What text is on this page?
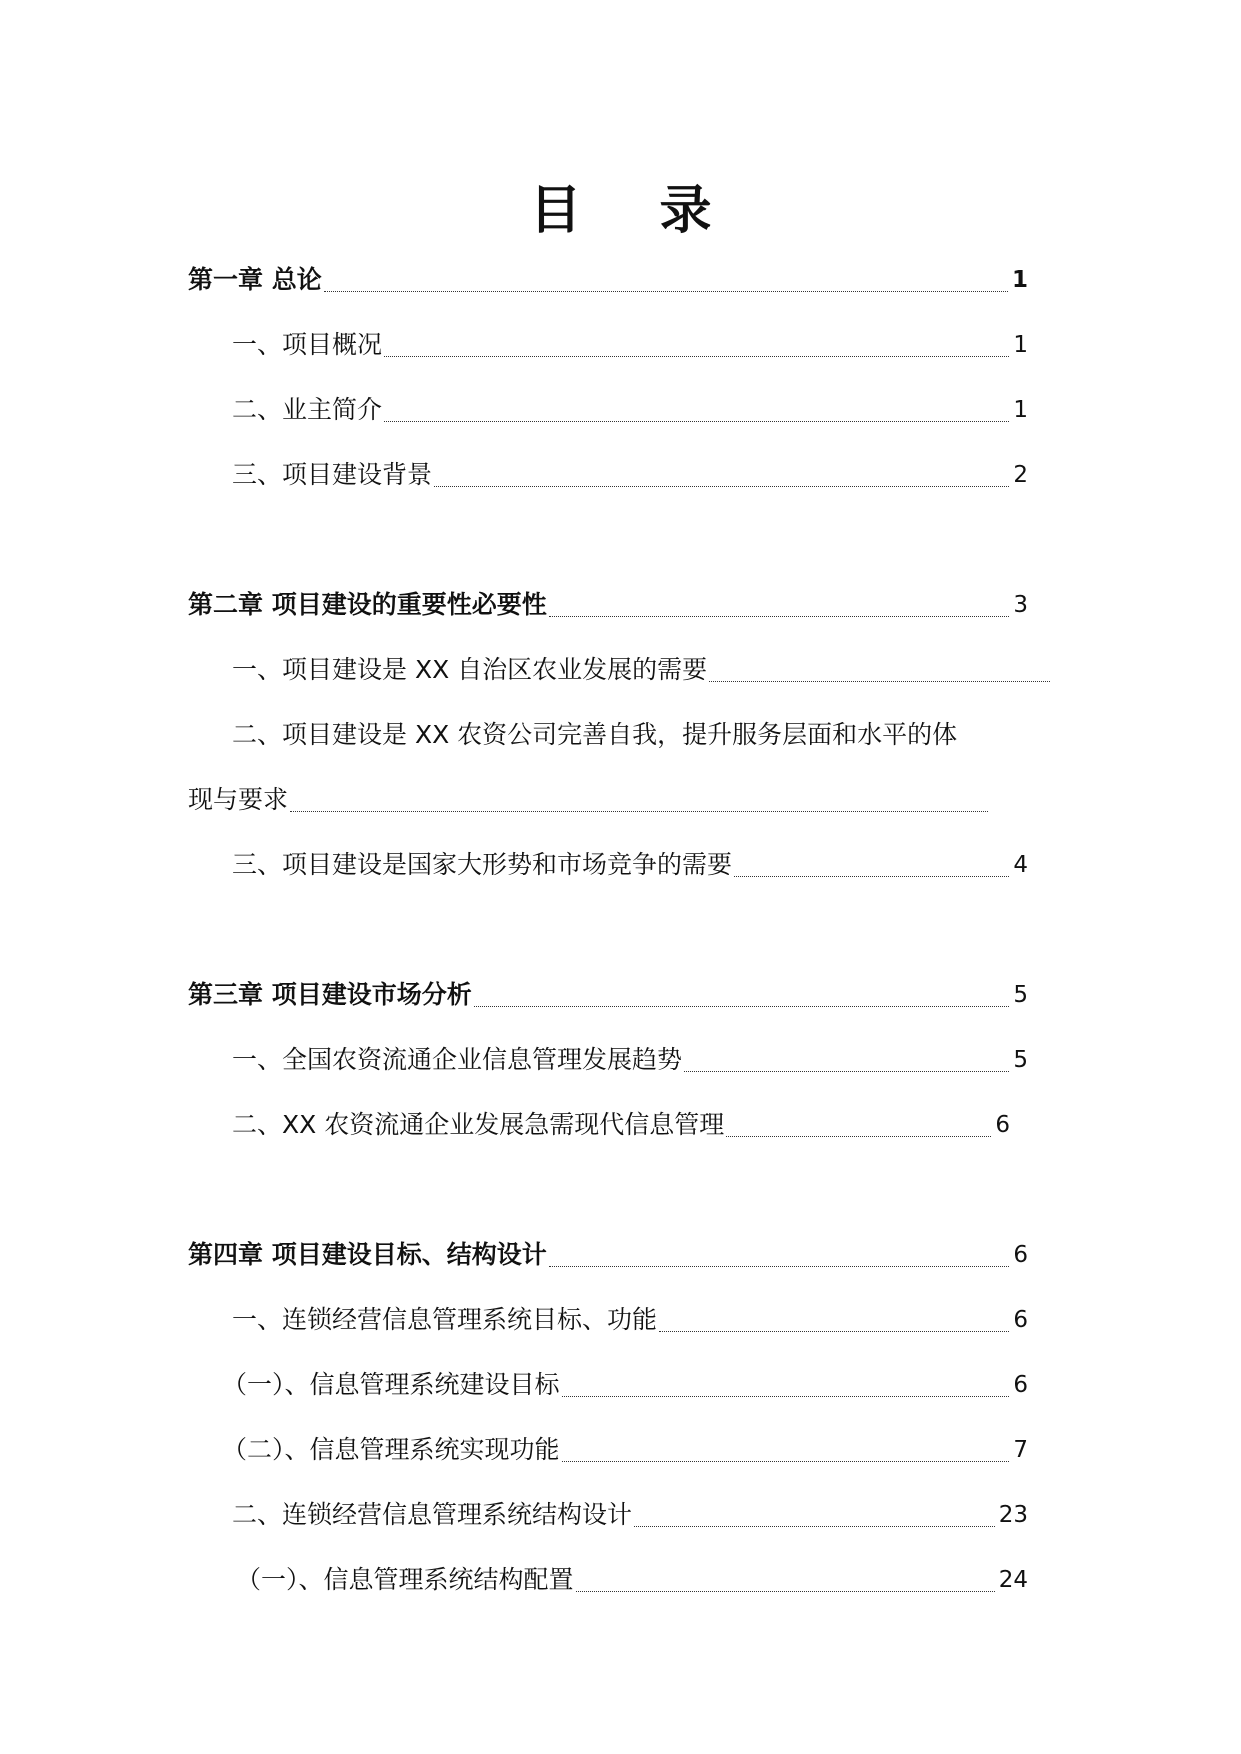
目 录
第一章 总论	1
一、项目概况	1
二、业主简介	1
三、项目建设背景	2
第二章 项目建设的重要性必要性	3
一、项目建设是 XX 自治区农业发展的需要
二、项目建设是 XX 农资公司完善自我，提升服务层面和水平的体
现与要求
三、项目建设是国家大形势和市场竞争的需要	4
第三章 项目建设市场分析	5
一、全国农资流通企业信息管理发展趋势	5
二、XX 农资流通企业发展急需现代信息管理	6
第四章 项目建设目标、结构设计	6
一、连锁经营信息管理系统目标、功能	6
（一）、信息管理系统建设目标	6
（二）、信息管理系统实现功能	7
二、连锁经营信息管理系统结构设计	23
（一）、信息管理系统结构配置	24
